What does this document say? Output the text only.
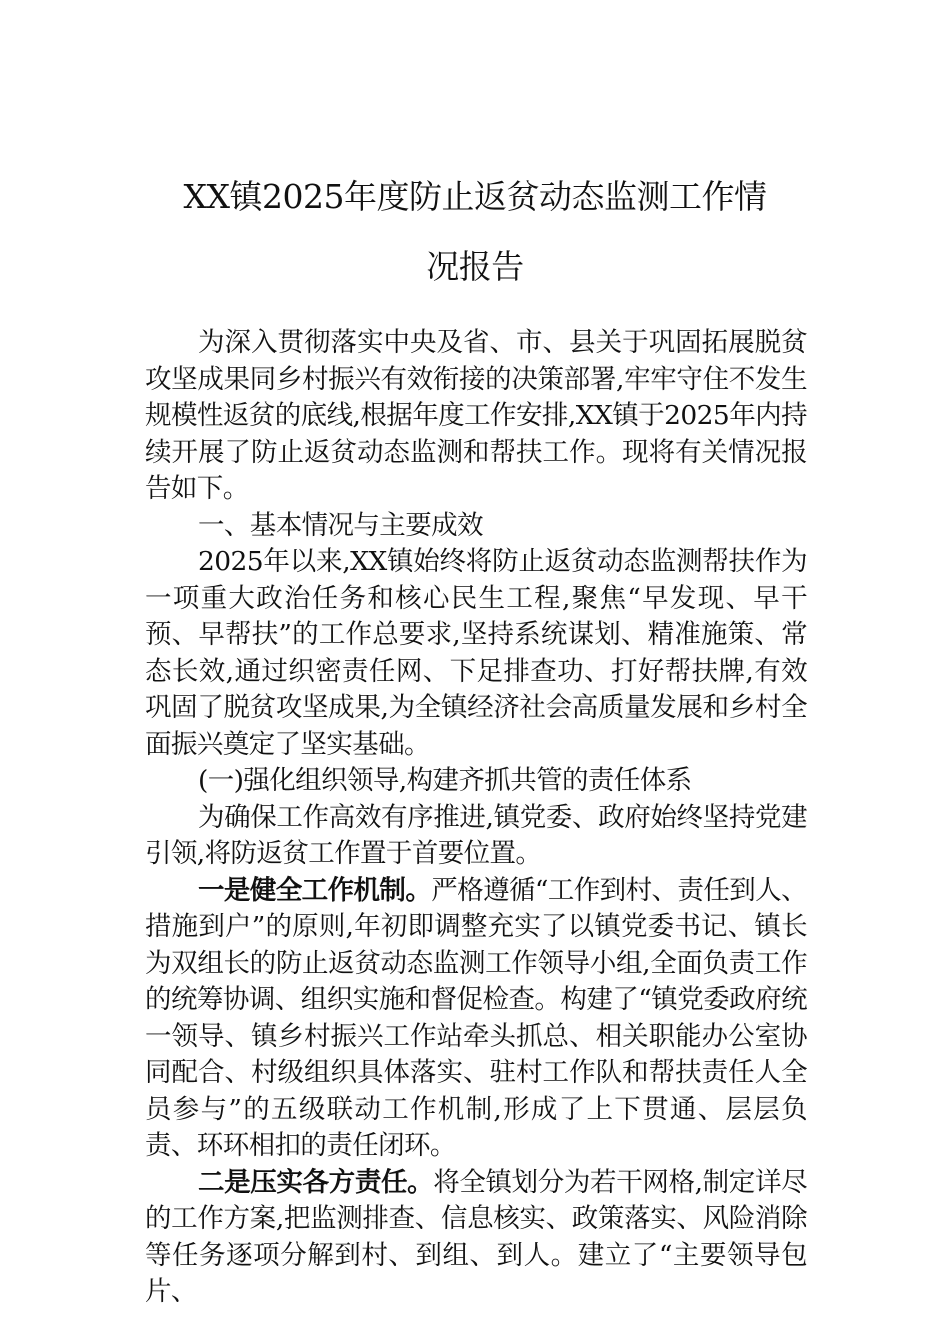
XX镇2025年度防止返贫动态监测工作情
况报告

为深入贯彻落实中央及省、市、县关于巩固拓展脱贫攻坚成果同乡村振兴有效衔接的决策部署,牢牢守住不发生规模性返贫的底线,根据年度工作安排,XX镇于2025年内持续开展了防止返贫动态监测和帮扶工作。现将有关情况报告如下。

一、基本情况与主要成效

2025年以来,XX镇始终将防止返贫动态监测帮扶作为一项重大政治任务和核心民生工程,聚焦“早发现、早干预、早帮扶”的工作总要求,坚持系统谋划、精准施策、常态长效,通过织密责任网、下足排查功、打好帮扶牌,有效巩固了脱贫攻坚成果,为全镇经济社会高质量发展和乡村全面振兴奠定了坚实基础。

(一)强化组织领导,构建齐抓共管的责任体系

为确保工作高效有序推进,镇党委、政府始终坚持党建引领,将防返贫工作置于首要位置。

一是健全工作机制。严格遵循“工作到村、责任到人、措施到户”的原则,年初即调整充实了以镇党委书记、镇长为双组长的防止返贫动态监测工作领导小组,全面负责工作的统筹协调、组织实施和督促检查。构建了“镇党委政府统一领导、镇乡村振兴工作站牵头抓总、相关职能办公室协同配合、村级组织具体落实、驻村工作队和帮扶责任人全员参与”的五级联动工作机制,形成了上下贯通、层层负责、环环相扣的责任闭环。

二是压实各方责任。将全镇划分为若干网格,制定详尽的工作方案,把监测排查、信息核实、政策落实、风险消除等任务逐项分解到村、到组、到人。建立了“主要领导包片、
